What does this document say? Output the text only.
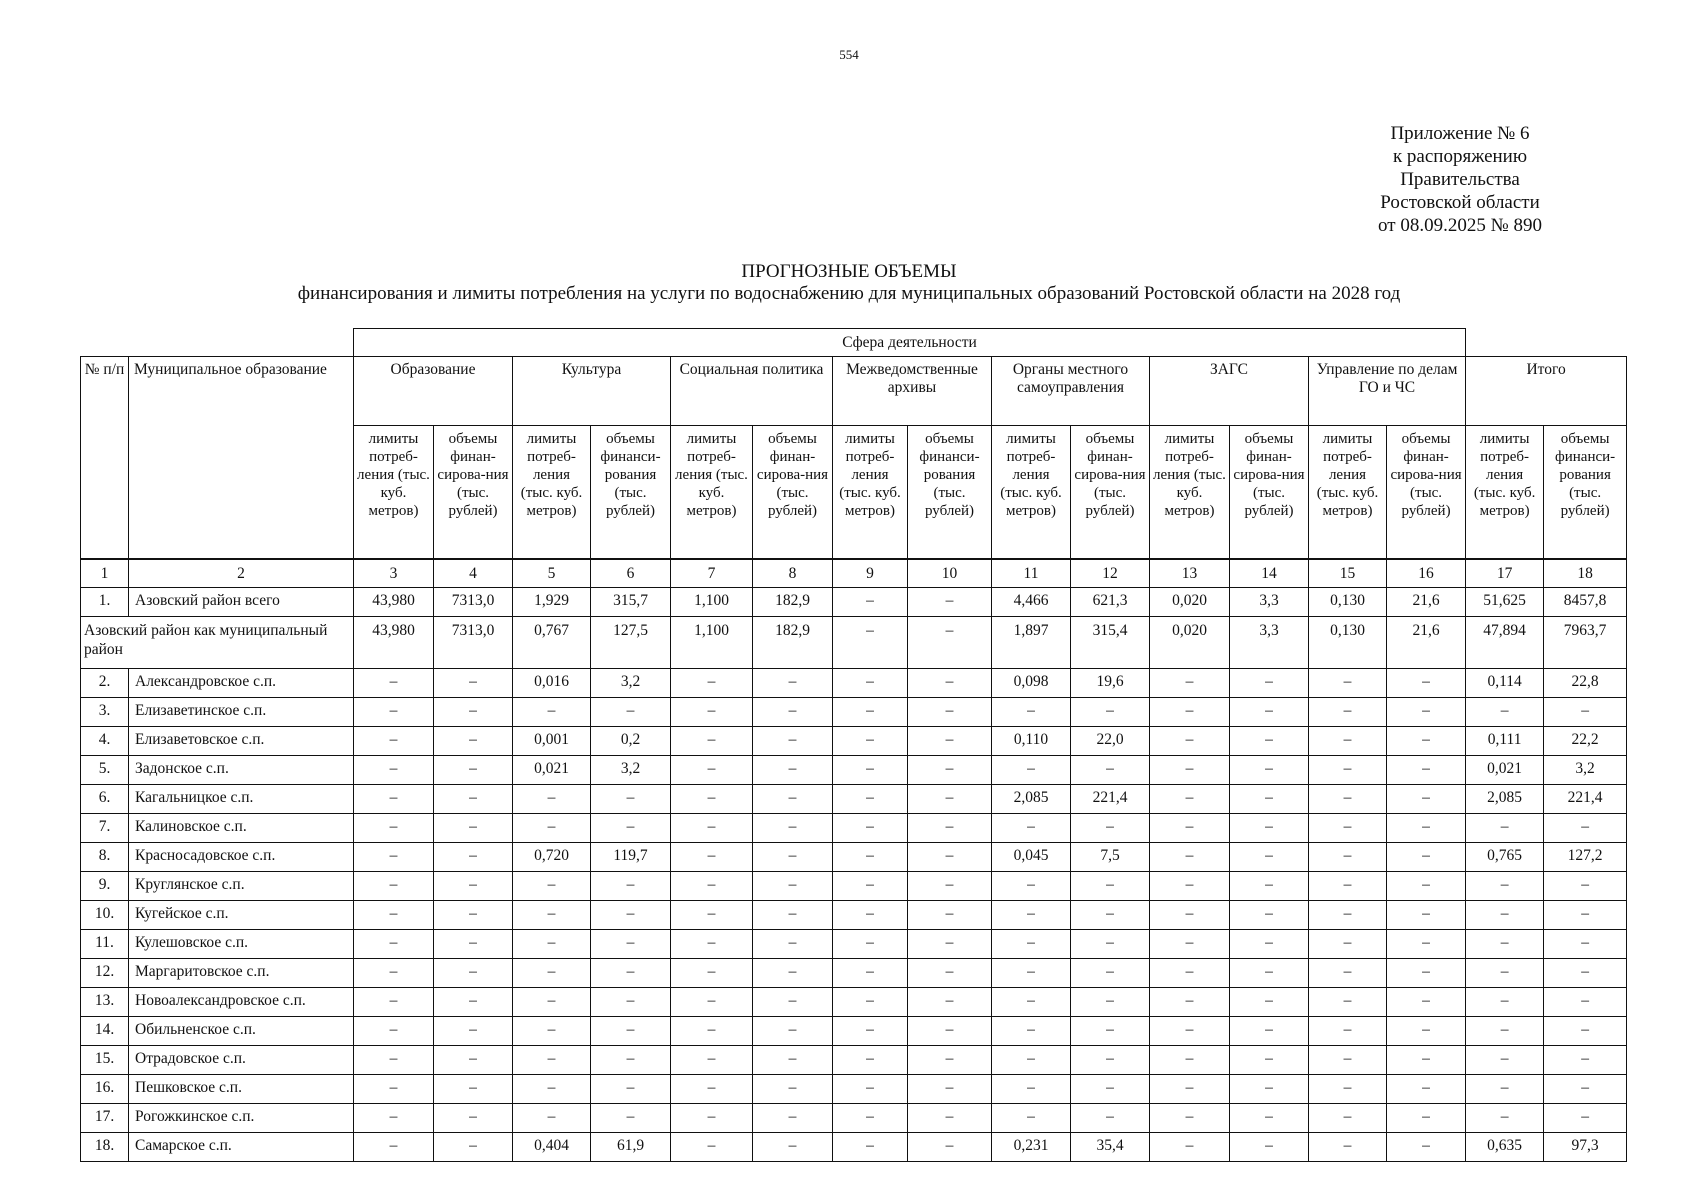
554
Приложение № 6
к распоряжению
Правительства
Ростовской области
от 08.09.2025 № 890
ПРОГНОЗНЫЕ ОБЪЕМЫ
финансирования и лимиты потребления на услуги по водоснабжению для муниципальных образований Ростовской области на 2028 год
		Сфера деятельности															
№ п/п	Муниципальное образование	Образование		Культура		Социальная политика		Межведомственные архивы		Органы местного самоуправления		ЗАГС		Управление по делам ГО и ЧС		Итого	
		лимиты потреб-ления (тыс. куб. метров)	объемы финан-сирова-ния (тыс. рублей)	лимиты потреб-ления (тыс. куб. метров)	объемы финанси-рования (тыс. рублей)	лимиты потреб-ления (тыс. куб. метров)	объемы финан-сирова-ния (тыс. рублей)	лимиты потреб-ления (тыс. куб. метров)	объемы финанси-рования (тыс. рублей)	лимиты потреб-ления (тыс. куб. метров)	объемы финан-сирова-ния (тыс. рублей)	лимиты потреб-ления (тыс. куб. метров)	объемы финан-сирова-ния (тыс. рублей)	лимиты потреб-ления (тыс. куб. метров)	объемы финан-сирова-ния (тыс. рублей)	лимиты потреб-ления (тыс. куб. метров)	объемы финанси-рования (тыс. рублей)
1	2	3	4	5	6	7	8	9	10	11	12	13	14	15	16	17	18
1.	Азовский район всего	43,980	7313,0	1,929	315,7	1,100	182,9	–	–	4,466	621,3	0,020	3,3	0,130	21,6	51,625	8457,8
Азовский район как муниципальный район		43,980	7313,0	0,767	127,5	1,100	182,9	–	–	1,897	315,4	0,020	3,3	0,130	21,6	47,894	7963,7
2.	Александровское с.п.	–	–	0,016	3,2	–	–	–	–	0,098	19,6	–	–	–	–	0,114	22,8
3.	Елизаветинское с.п.	–	–	–	–	–	–	–	–	–	–	–	–	–	–	–	–
4.	Елизаветовское с.п.	–	–	0,001	0,2	–	–	–	–	0,110	22,0	–	–	–	–	0,111	22,2
5.	Задонское с.п.	–	–	0,021	3,2	–	–	–	–	–	–	–	–	–	–	0,021	3,2
6.	Кагальницкое с.п.	–	–	–	–	–	–	–	–	2,085	221,4	–	–	–	–	2,085	221,4
7.	Калиновское с.п.	–	–	–	–	–	–	–	–	–	–	–	–	–	–	–	–
8.	Красносадовское с.п.	–	–	0,720	119,7	–	–	–	–	0,045	7,5	–	–	–	–	0,765	127,2
9.	Круглянское с.п.	–	–	–	–	–	–	–	–	–	–	–	–	–	–	–	–
10.	Кугейское с.п.	–	–	–	–	–	–	–	–	–	–	–	–	–	–	–	–
11.	Кулешовское с.п.	–	–	–	–	–	–	–	–	–	–	–	–	–	–	–	–
12.	Маргаритовское с.п.	–	–	–	–	–	–	–	–	–	–	–	–	–	–	–	–
13.	Новоалександровское с.п.	–	–	–	–	–	–	–	–	–	–	–	–	–	–	–	–
14.	Обильненское с.п.	–	–	–	–	–	–	–	–	–	–	–	–	–	–	–	–
15.	Отрадовское с.п.	–	–	–	–	–	–	–	–	–	–	–	–	–	–	–	–
16.	Пешковское с.п.	–	–	–	–	–	–	–	–	–	–	–	–	–	–	–	–
17.	Рогожкинское с.п.	–	–	–	–	–	–	–	–	–	–	–	–	–	–	–	–
18.	Самарское с.п.	–	–	0,404	61,9	–	–	–	–	0,231	35,4	–	–	–	–	0,635	97,3
